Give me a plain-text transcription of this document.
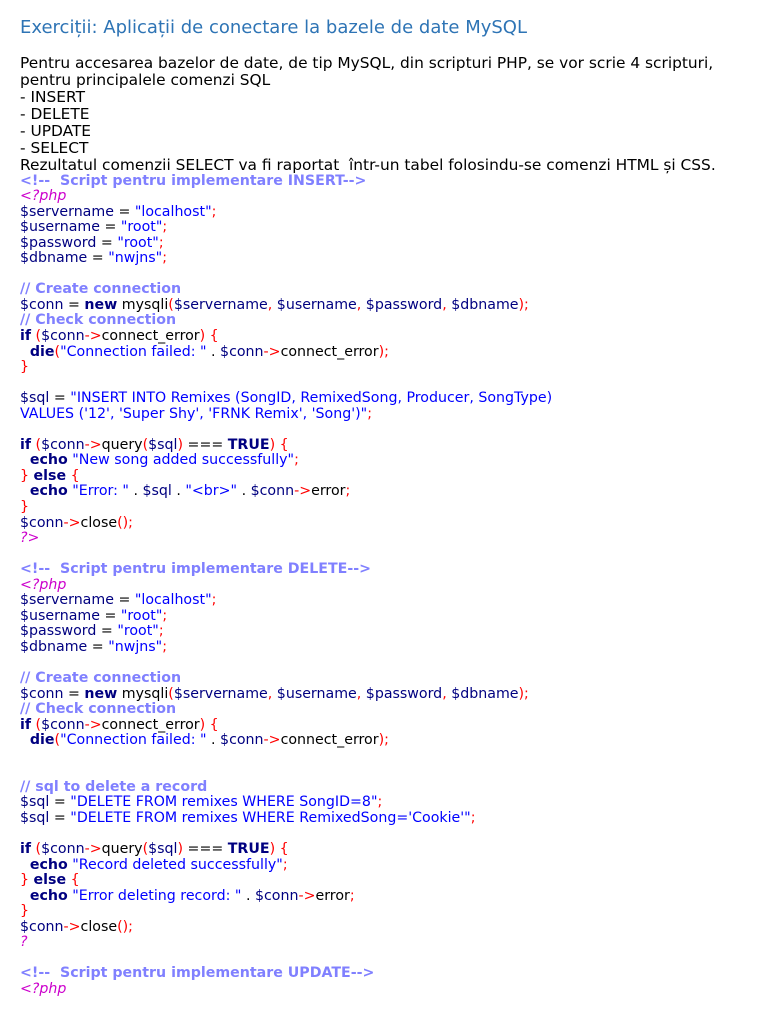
Exerciții: Aplicații de conectare la bazele de date MySQL
Pentru accesarea bazelor de date, de tip MySQL, din scripturi PHP, se vor scrie 4 scripturi, pentru principalele comenzi SQL
- INSERT
- DELETE
- UPDATE
- SELECT
Rezultatul comenzii SELECT va fi raportat  într-un tabel folosindu-se comenzi HTML și CSS.
<!--  Script pentru implementare INSERT-->
<?php
$servername = "localhost";
$username = "root";
$password = "root";
$dbname = "nwjns";
// Create connection
$conn = new mysqli($servername, $username, $password, $dbname);
// Check connection
if ($conn->connect_error) {
die("Connection failed: " . $conn->connect_error);
}
$sql = "INSERT INTO Remixes (SongID, RemixedSong, Producer, SongType)
VALUES ('12', 'Super Shy', 'FRNK Remix', 'Song')";
if ($conn->query($sql) === TRUE) {
echo "New song added successfully";
} else {
echo "Error: " . $sql . "<br>" . $conn->error;
}
$conn->close();
?>
<!--  Script pentru implementare DELETE-->
<?php
$servername = "localhost";
$username = "root";
$password = "root";
$dbname = "nwjns";
// Create connection
$conn = new mysqli($servername, $username, $password, $dbname);
// Check connection
if ($conn->connect_error) {
die("Connection failed: " . $conn->connect_error);
// sql to delete a record
$sql = "DELETE FROM remixes WHERE SongID=8";
$sql = "DELETE FROM remixes WHERE RemixedSong='Cookie'";
if ($conn->query($sql) === TRUE) {
echo "Record deleted successfully";
} else {
echo "Error deleting record: " . $conn->error;
}
$conn->close();
?
<!--  Script pentru implementare UPDATE-->
<?php
